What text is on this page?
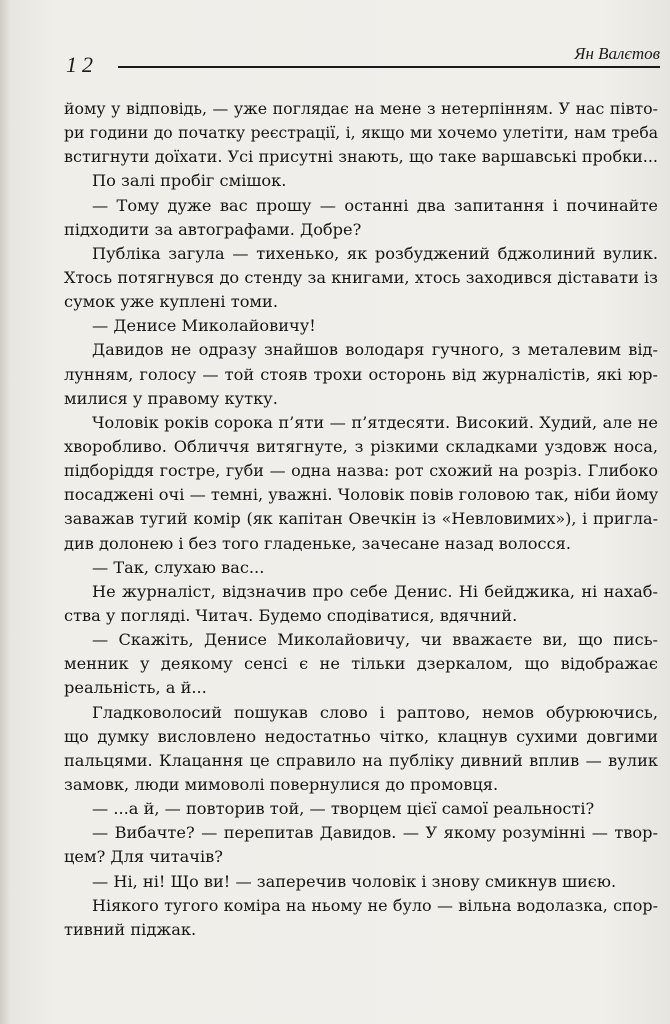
12	Ян Валєтов
йому у відповідь, — уже поглядає на мене з нетерпінням. У нас півто-
ри години до початку реєстрації, і, якщо ми хочемо улетіти, нам треба
встигнути доїхати. Усі присутні знають, що таке варшавські пробки...
По залі пробіг смішок.
— Тому дуже вас прошу — останні два запитання і починайте
підходити за автографами. Добре?
Публіка загула — тихенько, як розбуджений бджолиний вулик.
Хтось потягнувся до стенду за книгами, хтось заходився діставати із
сумок уже куплені томи.
— Денисе Миколайовичу!
Давидов не одразу знайшов володаря гучного, з металевим від-
лунням, голосу — той стояв трохи осторонь від журналістів, які юр-
милися у правому кутку.
Чоловік років сорока п’яти — п’ятдесяти. Високий. Худий, але не
хворобливо. Обличчя витягнуте, з різкими складками уздовж носа,
підборіддя гостре, губи — одна назва: рот схожий на розріз. Глибоко
посаджені очі — темні, уважні. Чоловік повів головою так, ніби йому
заважав тугий комір (як капітан Овечкін із «Невловимих»), і пригла-
див долонею і без того гладеньке, зачесане назад волосся.
— Так, слухаю вас...
Не журналіст, відзначив про себе Денис. Ні бейджика, ні нахаб-
ства у погляді. Читач. Будемо сподіватися, вдячний.
— Скажіть, Денисе Миколайовичу, чи вважаєте ви, що пись-
менник у деякому сенсі є не тільки дзеркалом, що відображає
реальність, а й...
Гладковолосий пошукав слово і раптово, немов обурюючись,
що думку висловлено недостатньо чітко, клацнув сухими довгими
пальцями. Клацання це справило на публіку дивний вплив — вулик
замовк, люди мимоволі повернулися до промовця.
— ...а й, — повторив той, — творцем цієї самої реальності?
— Вибачте? — перепитав Давидов. — У якому розумінні — твор-
цем? Для читачів?
— Ні, ні! Що ви! — заперечив чоловік і знову смикнув шиєю.
Ніякого тугого коміра на ньому не було — вільна водолазка, спор-
тивний піджак.
